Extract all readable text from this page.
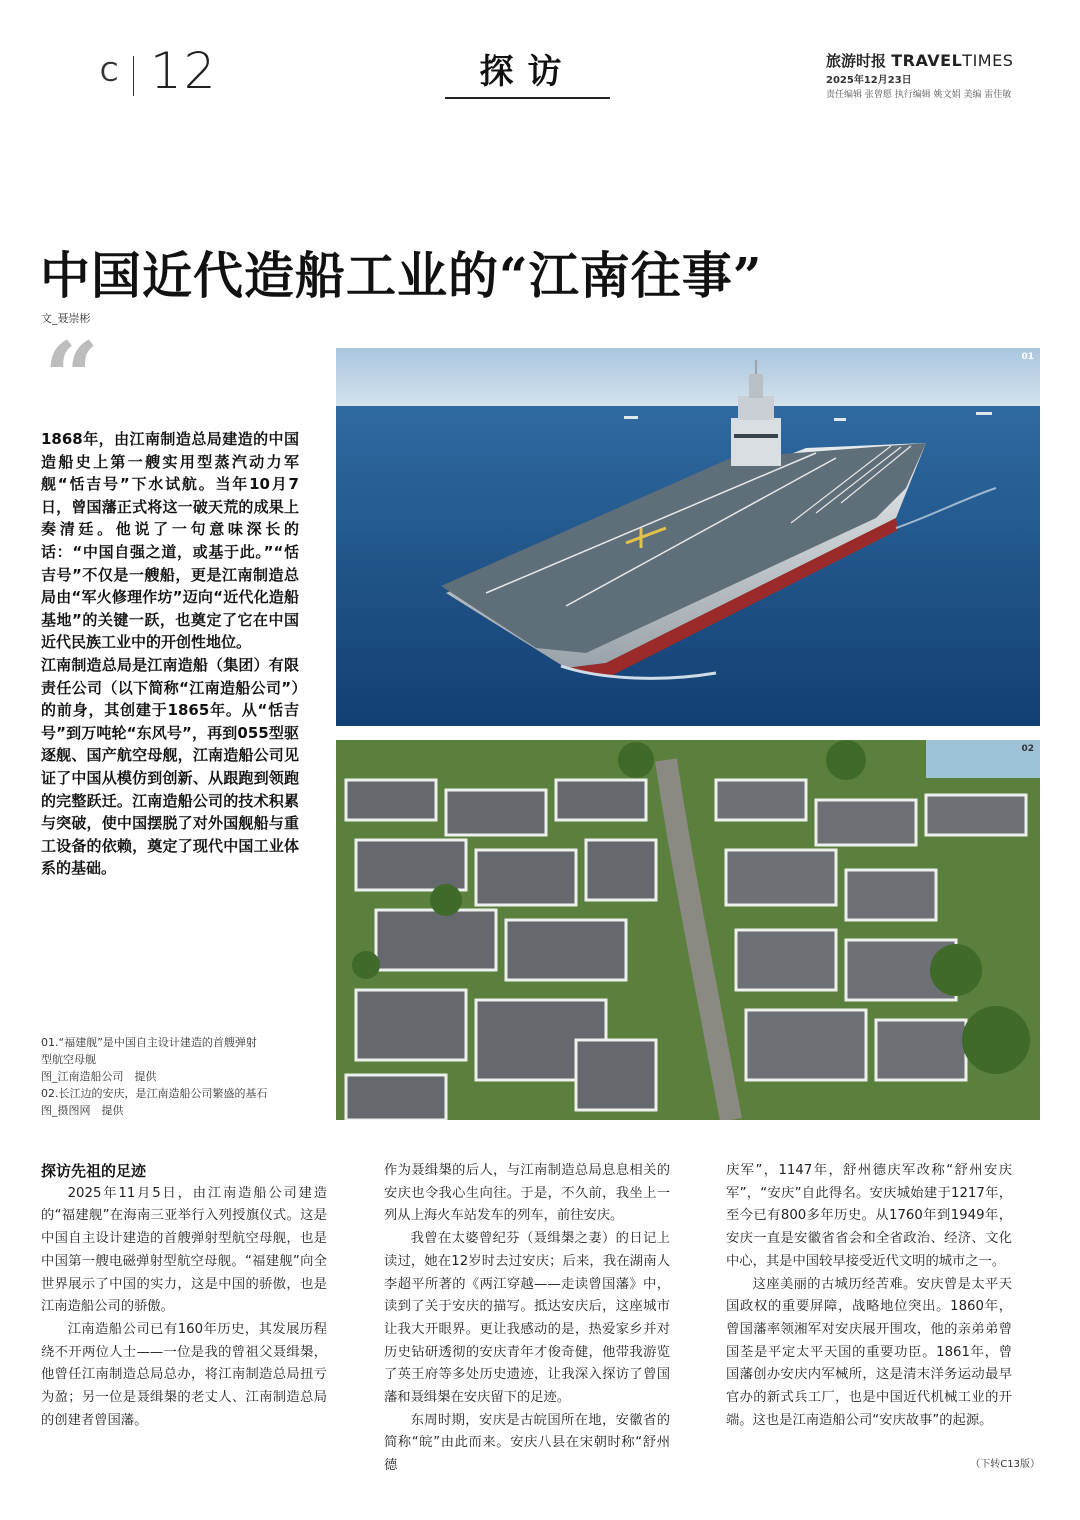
C 12	探访	旅游时报 TRAVELTIMES
2025年12月23日
责任编辑 张曾愿 执行编辑 姚文娟 美编 雷佳敏
中国近代造船工业的“江南往事”
文_聂崇彬
“

1868年，由江南制造总局建造的中国造船史上第一艘实用型蒸汽动力军舰“恬吉号”下水试航。当年10月7日，曾国藩正式将这一破天荒的成果上奏清廷。他说了一句意味深长的话：“中国自强之道，或基于此。”“恬吉号”不仅是一艘船，更是江南制造总局由“军火修理作坊”迈向“近代化造船基地”的关键一跃，也奠定了它在中国近代民族工业中的开创性地位。

江南制造总局是江南造船（集团）有限责任公司（以下简称“江南造船公司”）的前身，其创建于1865年。从“恬吉号”到万吨轮“东风号”，再到055型驱逐舰、国产航空母舰，江南造船公司见证了中国从模仿到创新、从跟跑到领跑的完整跃迁。江南造船公司的技术积累与突破，使中国摆脱了对外国舰船与重工设备的依赖，奠定了现代中国工业体系的基础。

01
02
01.“福建舰”是中国自主设计建造的首艘弹射
型航空母舰
图_江南造船公司　提供
02.长江边的安庆，是江南造船公司繁盛的基石
图_摄图网　提供

探访先祖的足迹

2025年11月5日，由江南造船公司建造的“福建舰”在海南三亚举行入列授旗仪式。这是中国自主设计建造的首艘弹射型航空母舰，也是中国第一艘电磁弹射型航空母舰。“福建舰”向全世界展示了中国的实力，这是中国的骄傲，也是江南造船公司的骄傲。

江南造船公司已有160年历史，其发展历程绕不开两位人士——一位是我的曾祖父聂缉槼，他曾任江南制造总局总办，将江南制造总局扭亏为盈；另一位是聂缉槼的老丈人、江南制造总局的创建者曾国藩。

作为聂缉槼的后人，与江南制造总局息息相关的安庆也令我心生向往。于是，不久前，我坐上一列从上海火车站发车的列车，前往安庆。

我曾在太婆曾纪芬（聂缉槼之妻）的日记上读过，她在12岁时去过安庆；后来，我在湖南人李超平所著的《两江穿越——走读曾国藩》中，读到了关于安庆的描写。抵达安庆后，这座城市让我大开眼界。更让我感动的是，热爱家乡并对历史钻研透彻的安庆青年才俊奇健，他带我游览了英王府等多处历史遗迹，让我深入探访了曾国藩和聂缉槼在安庆留下的足迹。

东周时期，安庆是古皖国所在地，安徽省的简称“皖”由此而来。安庆八县在宋朝时称“舒州德

庆军”，1147年，舒州德庆军改称“舒州安庆军”，“安庆”自此得名。安庆城始建于1217年，至今已有800多年历史。从1760年到1949年，安庆一直是安徽省省会和全省政治、经济、文化中心，其是中国较早接受近代文明的城市之一。

这座美丽的古城历经苦难。安庆曾是太平天国政权的重要屏障，战略地位突出。1860年，曾国藩率领湘军对安庆展开围攻，他的亲弟弟曾国荃是平定太平天国的重要功臣。1861年，曾国藩创办安庆内军械所，这是清末洋务运动最早官办的新式兵工厂，也是中国近代机械工业的开端。这也是江南造船公司“安庆故事”的起源。

（下转C13版）
